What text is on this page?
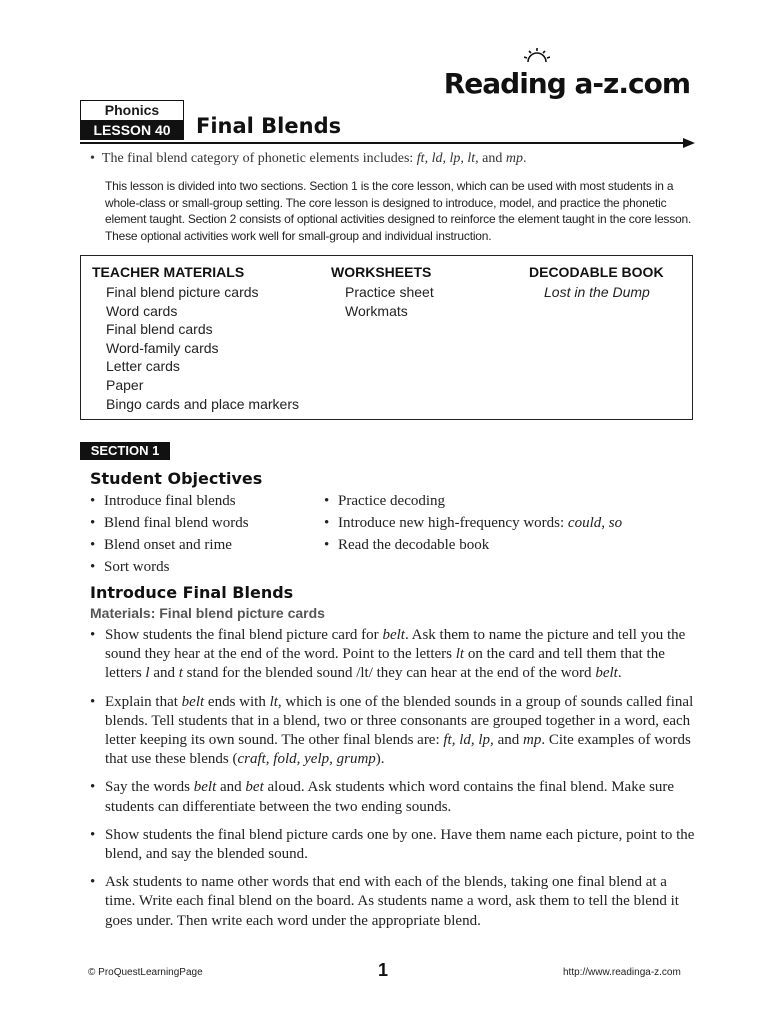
Reading a-z.com
Phonics
LESSON 40	Final Blends
•  The final blend category of phonetic elements includes: ft, ld, lp, lt, and mp.
This lesson is divided into two sections. Section 1 is the core lesson, which can be used with most students in a whole-class or small-group setting. The core lesson is designed to introduce, model, and practice the phonetic element taught. Section 2 consists of optional activities designed to reinforce the element taught in the core lesson. These optional activities work well for small-group and individual instruction.
TEACHER MATERIALS
Final blend picture cards
Word cards
Final blend cards
Word-family cards
Letter cards
Paper
Bingo cards and place markers
WORKSHEETS
Practice sheet
Workmats
DECODABLE BOOK
Lost in the Dump
SECTION 1
Student Objectives
• Introduce final blends
• Blend final blend words
• Blend onset and rime
• Sort words
• Practice decoding
• Introduce new high-frequency words: could, so
• Read the decodable book
Introduce Final Blends
Materials: Final blend picture cards
• Show students the final blend picture card for belt. Ask them to name the picture and tell you the sound they hear at the end of the word. Point to the letters lt on the card and tell them that the letters l and t stand for the blended sound /lt/ they can hear at the end of the word belt.
• Explain that belt ends with lt, which is one of the blended sounds in a group of sounds called final blends. Tell students that in a blend, two or three consonants are grouped together in a word, each letter keeping its own sound. The other final blends are: ft, ld, lp, and mp. Cite examples of words that use these blends (craft, fold, yelp, grump).
• Say the words belt and bet aloud. Ask students which word contains the final blend. Make sure students can differentiate between the two ending sounds.
• Show students the final blend picture cards one by one. Have them name each picture, point to the blend, and say the blended sound.
• Ask students to name other words that end with each of the blends, taking one final blend at a time. Write each final blend on the board. As students name a word, ask them to tell the blend it goes under. Then write each word under the appropriate blend.
© ProQuestLearningPage	1	http://www.readinga-z.com
